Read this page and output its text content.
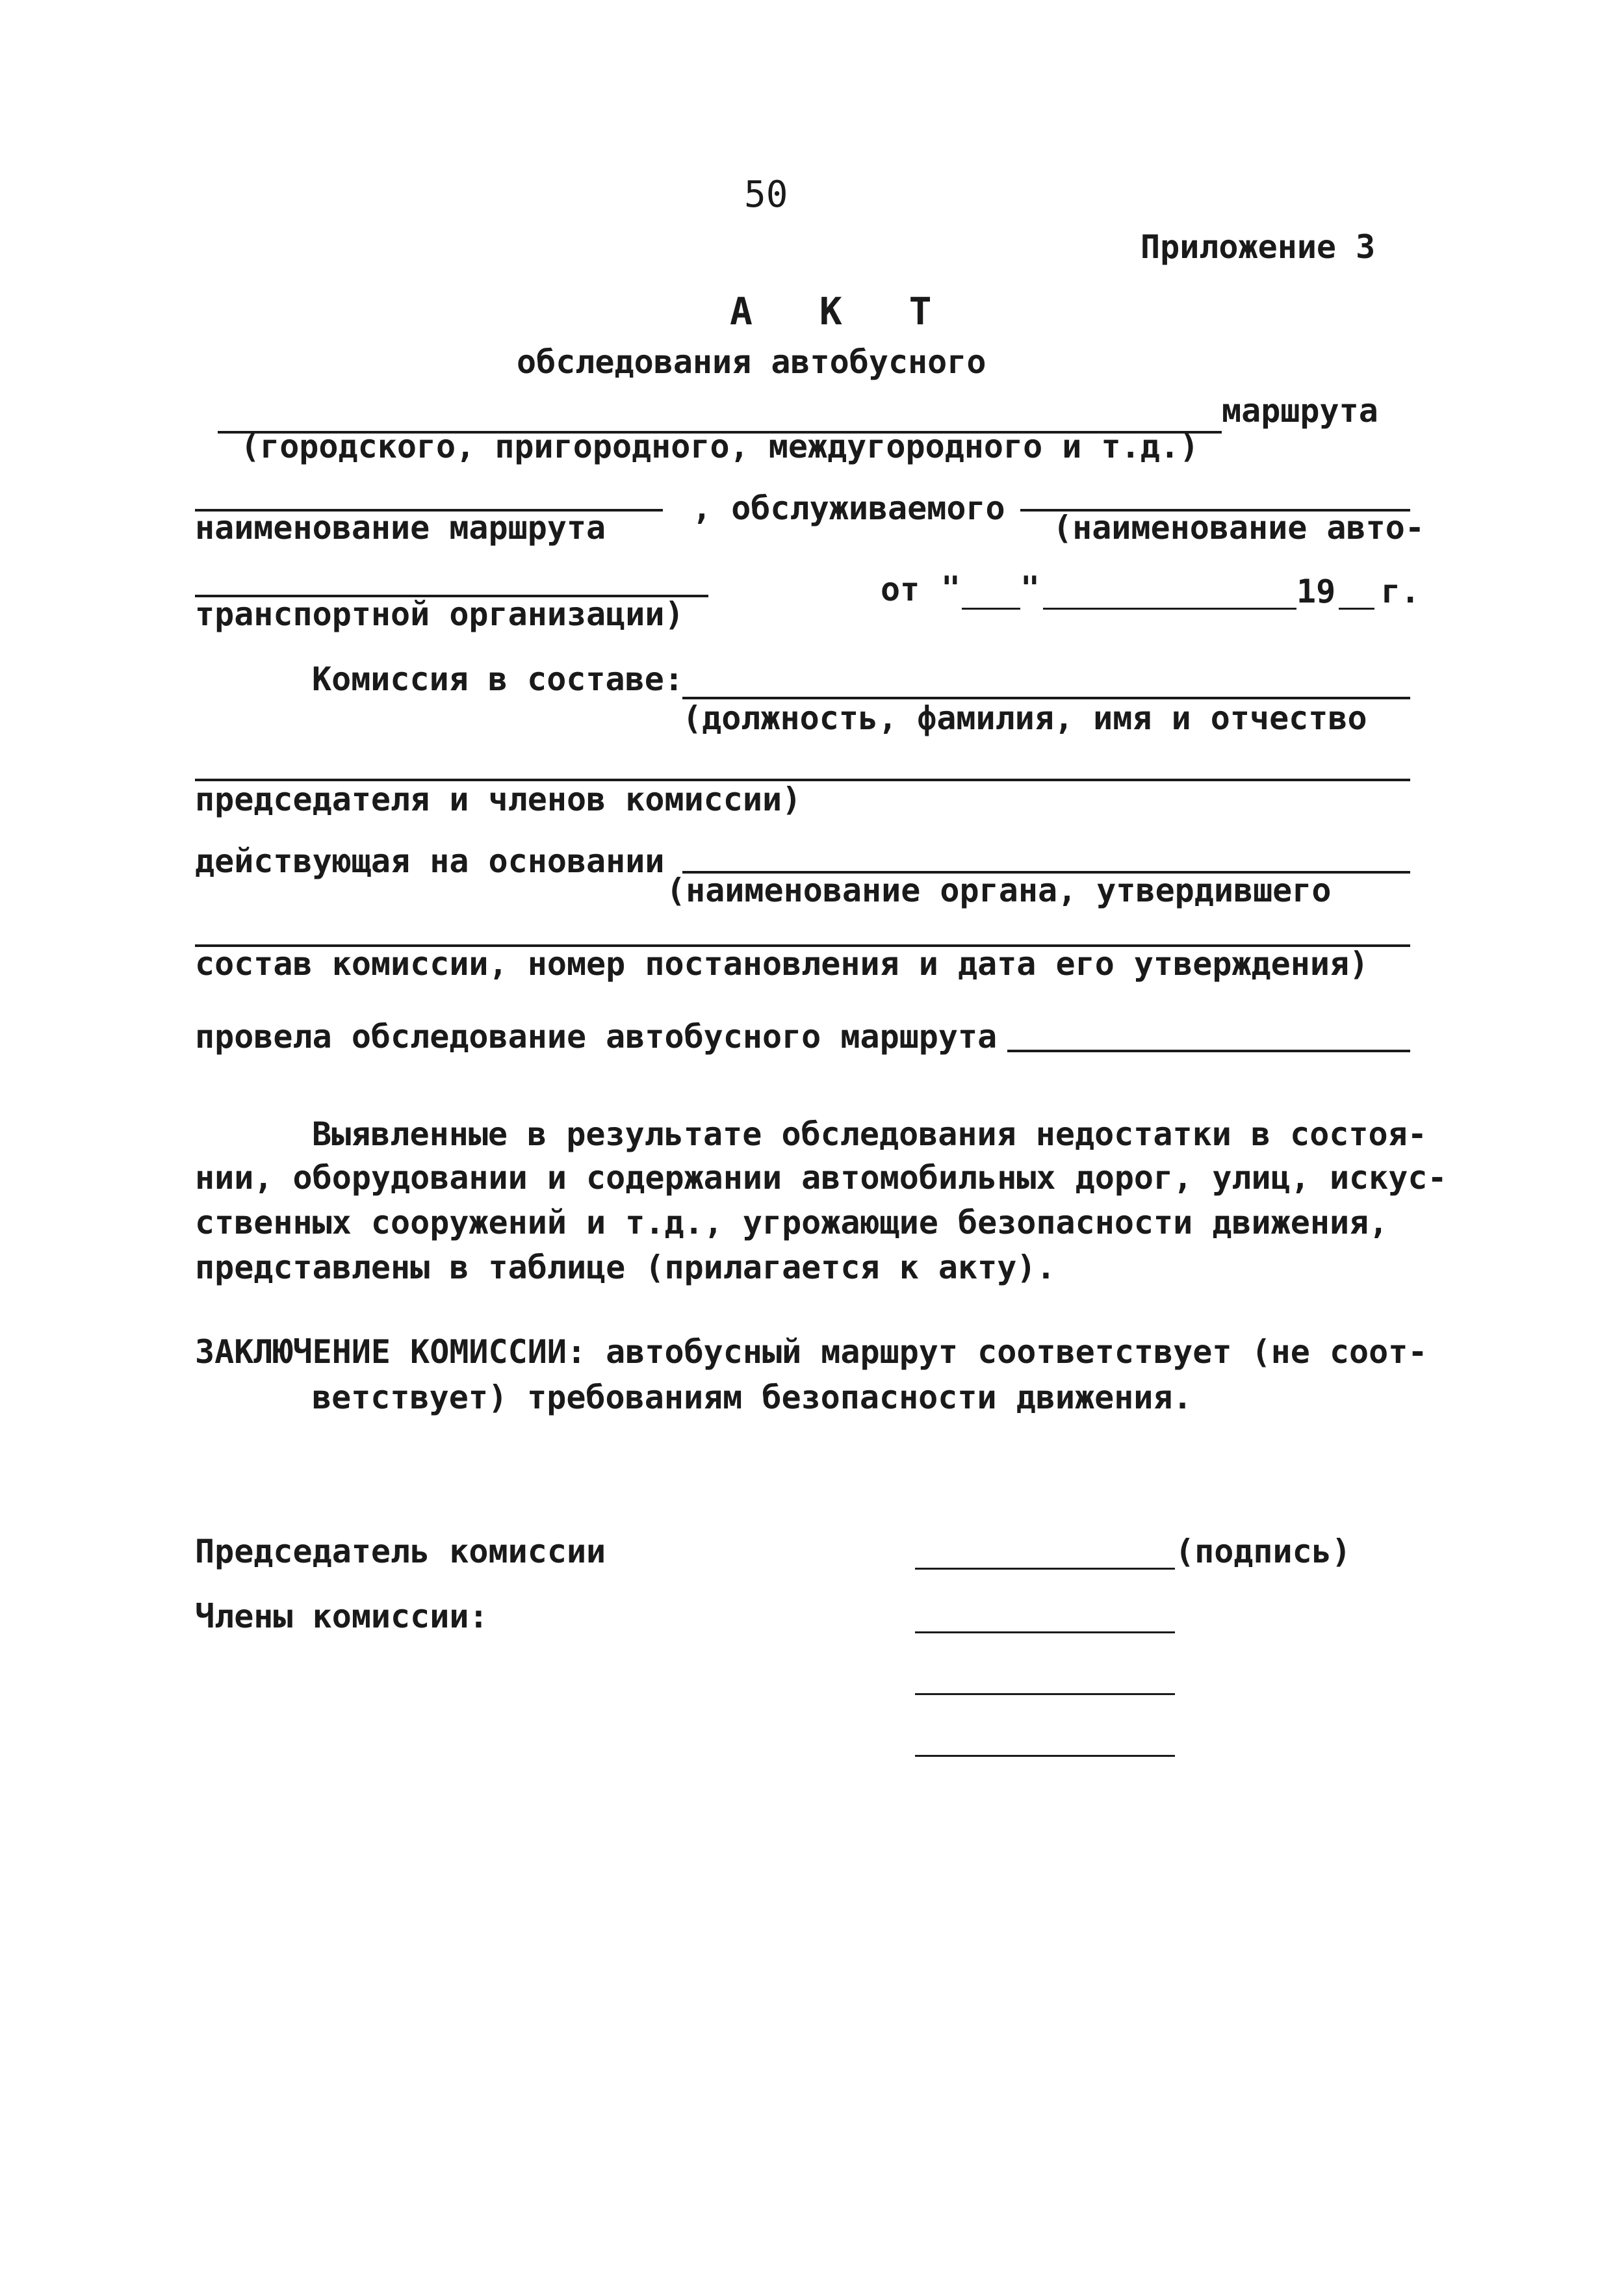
50
Приложение 3
А К Т
обследования автобусного
маршрута
(городского, пригородного, междугородного и т.д.)
наименование маршрута
, обслуживаемого
(наименование авто-
транспортной организации)
от " "	19 г.
Комиссия в составе:
(должность, фамилия, имя и отчество
председателя и членов комиссии)
действующая на основании
(наименование органа, утвердившего
состав комиссии, номер постановления и дата его утверждения)
провела обследование автобусного маршрута
Выявленные в результате обследования недостатки в состоя-
нии, оборудовании и содержании автомобильных дорог, улиц, искус-
ственных сооружений и т.д., угрожающие безопасности движения,
представлены в таблице (прилагается к акту).
ЗАКЛЮЧЕНИЕ КОМИССИИ: автобусный маршрут соответствует (не соот-
ветствует) требованиям безопасности движения.
Председатель комиссии	(подпись)
Члены комиссии:
